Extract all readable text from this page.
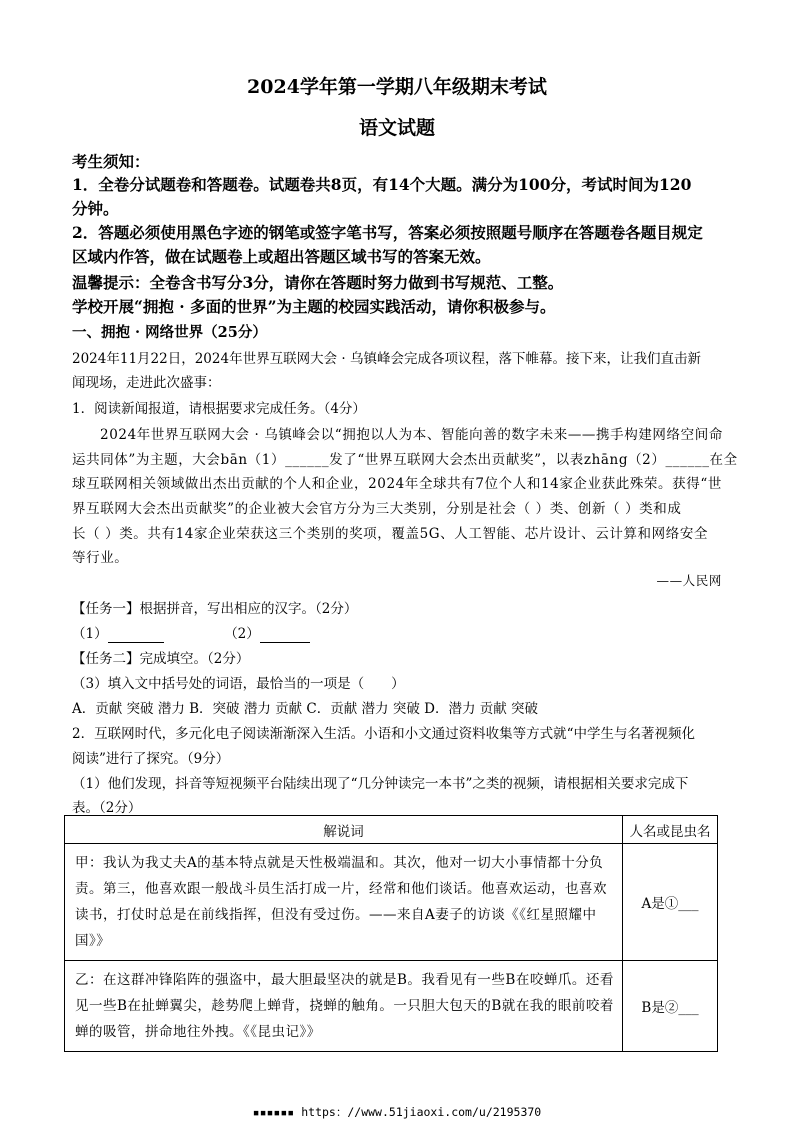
2024学年第一学期八年级期末考试
语文试题
考生须知：
1．全卷分试题卷和答题卷。试题卷共8页，有14个大题。满分为100分，考试时间为120
分钟。
2．答题必须使用黑色字迹的钢笔或签字笔书写，答案必须按照题号顺序在答题卷各题目规定
区域内作答，做在试题卷上或超出答题区域书写的答案无效。
温馨提示：全卷含书写分3分，请你在答题时努力做到书写规范、工整。
学校开展“拥抱 · 多面的世界”为主题的校园实践活动，请你积极参与。
一、拥抱 · 网络世界（25分）
2024年11月22日，2024年世界互联网大会 · 乌镇峰会完成各项议程，落下帷幕。接下来，让我们直击新
闻现场，走进此次盛事：
1．阅读新闻报道，请根据要求完成任务。（4分）
2024年世界互联网大会 · 乌镇峰会以“拥抱以人为本、智能向善的数字未来——携手构建网络空间命
运共同体”为主题，大会bān（1）______发了“世界互联网大会杰出贡献奖”，以表zhāng（2）______在全
球互联网相关领域做出杰出贡献的个人和企业，2024年全球共有7位个人和14家企业获此殊荣。获得“世
界互联网大会杰出贡献奖”的企业被大会官方分为三大类别，分别是社会（ ）类、创新（ ）类和成
长（ ）类。共有14家企业荣获这三个类别的奖项，覆盖5G、人工智能、芯片设计、云计算和网络安全
等行业。
——人民网
【任务一】根据拼音，写出相应的汉字。（2分）
（1）	（2）
【任务二】完成填空。（2分）
（3）填入文中括号处的词语，最恰当的一项是（　　）
A．贡献 突破 潜力 B．突破 潜力 贡献 C．贡献 潜力 突破 D．潜力 贡献 突破
2．互联网时代，多元化电子阅读渐渐深入生活。小语和小文通过资料收集等方式就“中学生与名著视频化
阅读”进行了探究。（9分）
（1）他们发现，抖音等短视频平台陆续出现了“几分钟读完一本书”之类的视频，请根据相关要求完成下
表。（2分）
解说词	人名或昆虫名
甲：我认为我丈夫A的基本特点就是天性极端温和。其次，他对一切大小事情都十分负责。第三，他喜欢跟一般战斗员生活打成一片，经常和他们谈话。他喜欢运动，也喜欢读书，打仗时总是在前线指挥，但没有受过伤。——来自A妻子的访谈《《红星照耀中国》》	A是①___
乙：在这群冲锋陷阵的强盗中，最大胆最坚决的就是B。我看见有一些B在咬蝉爪。还看见一些B在扯蝉翼尖，趁势爬上蝉背，挠蝉的触角。一只胆大包天的B就在我的眼前咬着蝉的吸管，拼命地往外拽。《《昆虫记》》	B是②___
▪▪▪▪▪▪ https：//www.51jiaoxi.com/u/2195370
